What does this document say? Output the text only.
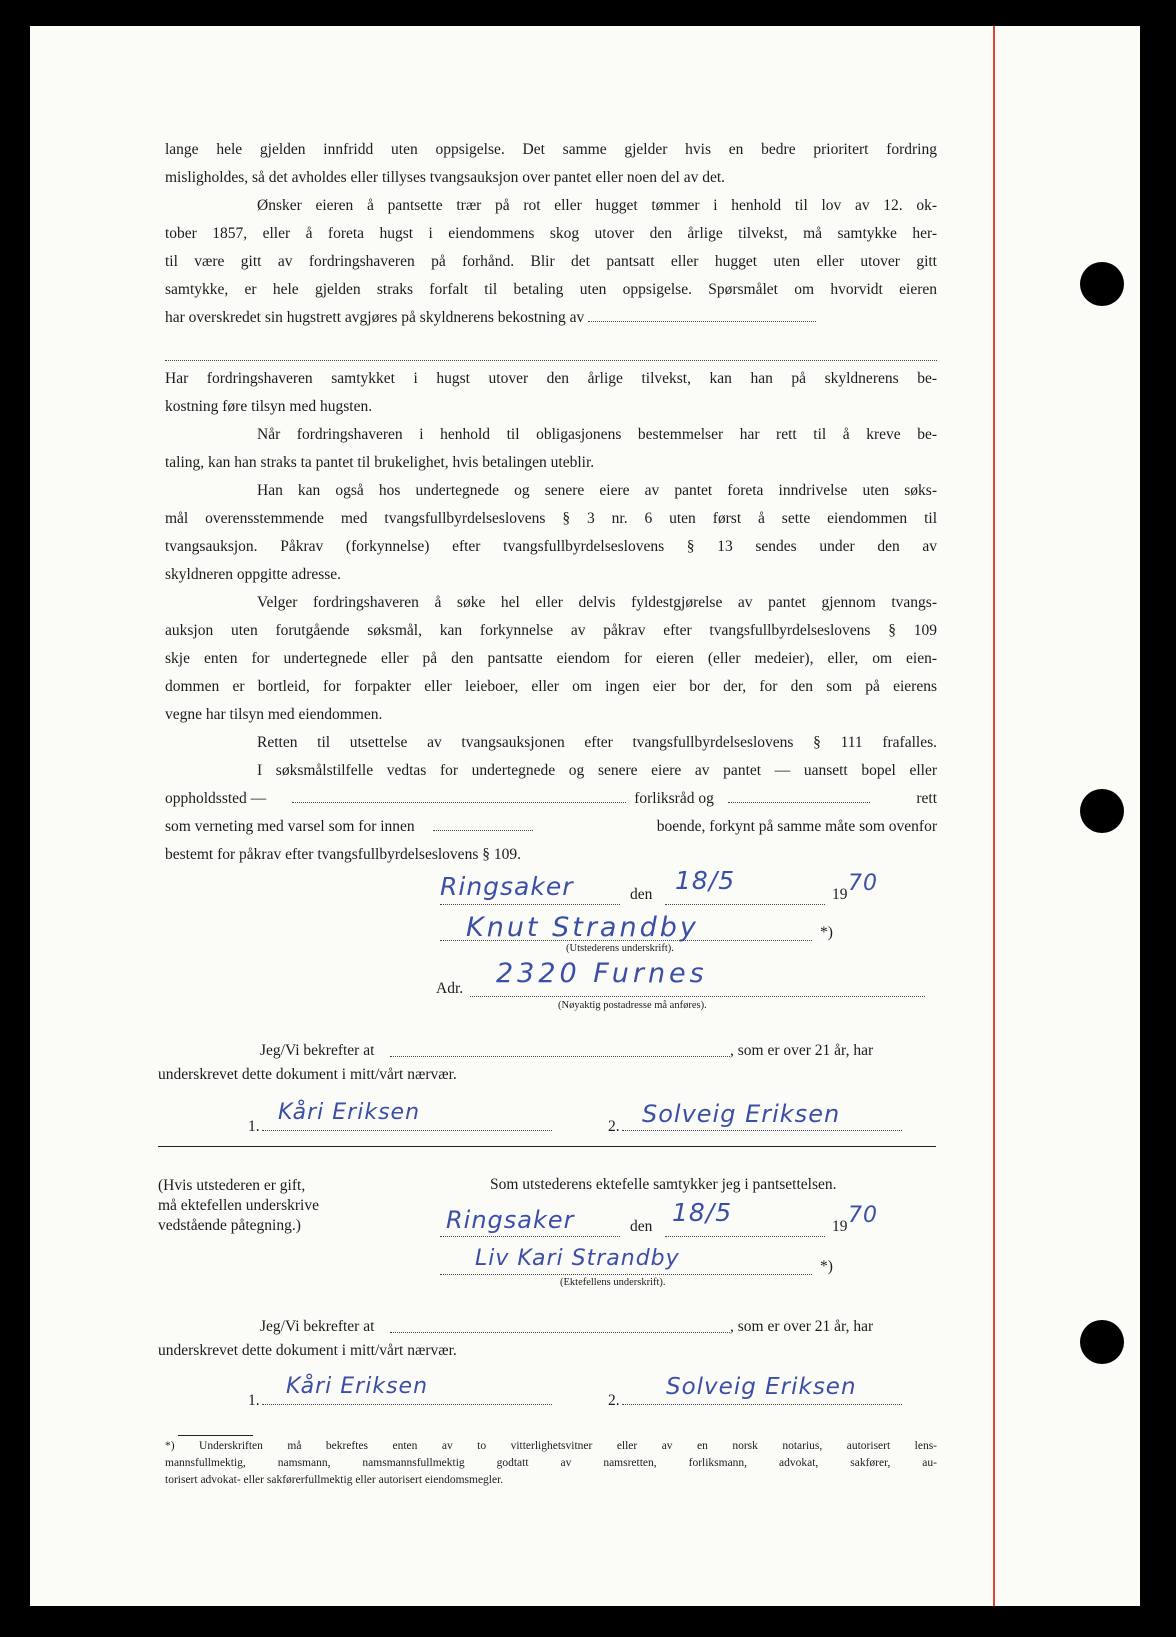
lange hele gjelden innfridd uten oppsigelse. Det samme gjelder hvis en bedre prioritert fordring

misligholdes, så det avholdes eller tillyses tvangsauksjon over pantet eller noen del av det.

Ønsker eieren å pantsette trær på rot eller hugget tømmer i henhold til lov av 12. ok-

tober 1857, eller å foreta hugst i eiendommens skog utover den årlige tilvekst, må samtykke her-

til være gitt av fordringshaveren på forhånd. Blir det pantsatt eller hugget uten eller utover gitt

samtykke, er hele gjelden straks forfalt til betaling uten oppsigelse. Spørsmålet om hvorvidt eieren

har overskredet sin hugstrett avgjøres på skyldnerens bekostning av

Har fordringshaveren samtykket i hugst utover den årlige tilvekst, kan han på skyldnerens be-

kostning føre tilsyn med hugsten.

Når fordringshaveren i henhold til obligasjonens bestemmelser har rett til å kreve be-

taling, kan han straks ta pantet til brukelighet, hvis betalingen uteblir.

Han kan også hos undertegnede og senere eiere av pantet foreta inndrivelse uten søks-

mål overensstemmende med tvangsfullbyrdelseslovens § 3 nr. 6 uten først å sette eiendommen til

tvangsauksjon. Påkrav (forkynnelse) efter tvangsfullbyrdelseslovens § 13 sendes under den av

skyldneren oppgitte adresse.

Velger fordringshaveren å søke hel eller delvis fyldestgjørelse av pantet gjennom tvangs-

auksjon uten forutgående søksmål, kan forkynnelse av påkrav efter tvangsfullbyrdelseslovens § 109

skje enten for undertegnede eller på den pantsatte eiendom for eieren (eller medeier), eller, om eien-

dommen er bortleid, for forpakter eller leieboer, eller om ingen eier bor der, for den som på eierens

vegne har tilsyn med eiendommen.

Retten til utsettelse av tvangsauksjonen efter tvangsfullbyrdelseslovens § 111 frafalles.

I søksmålstilfelle vedtas for undertegnede og senere eiere av pantet — uansett bopel eller

oppholdssted —	forliksråd og	rett

som verneting med varsel som for innen	boende, forkynt på samme måte som ovenfor

bestemt for påkrav efter tvangsfullbyrdelseslovens § 109.

Ringsaker	den 18/5	19 70
Knut Strandby	*)
(Utstederens underskrift).
Adr. 2320 Furnes
(Nøyaktig postadresse må anføres).
Jeg/Vi bekrefter at	, som er over 21 år, har
underskrevet dette dokument i mitt/vårt nærvær.
1.
Kåri Eriksen
2. Solveig Eriksen
(Hvis utstederen er gift,
må ektefellen underskrive
vedstående påtegning.)
Som utstederens ektefelle samtykker jeg i pantsettelsen.
Ringsaker	den 18/5	19 70
Liv Kari Strandby	*)
(Ektefellens underskrift).
Jeg/Vi bekrefter at	, som er over 21 år, har
underskrevet dette dokument i mitt/vårt nærvær.
1.
Kåri Eriksen
2.
Solveig Eriksen
*) Underskriften må bekreftes enten av to vitterlighetsvitner eller av en norsk notarius, autorisert lens-
mannsfullmektig, namsmann, namsmannsfullmektig godtatt av namsretten, forliksmann, advokat, sakfører, au-
torisert advokat- eller sakførerfullmektig eller autorisert eiendomsmegler.
